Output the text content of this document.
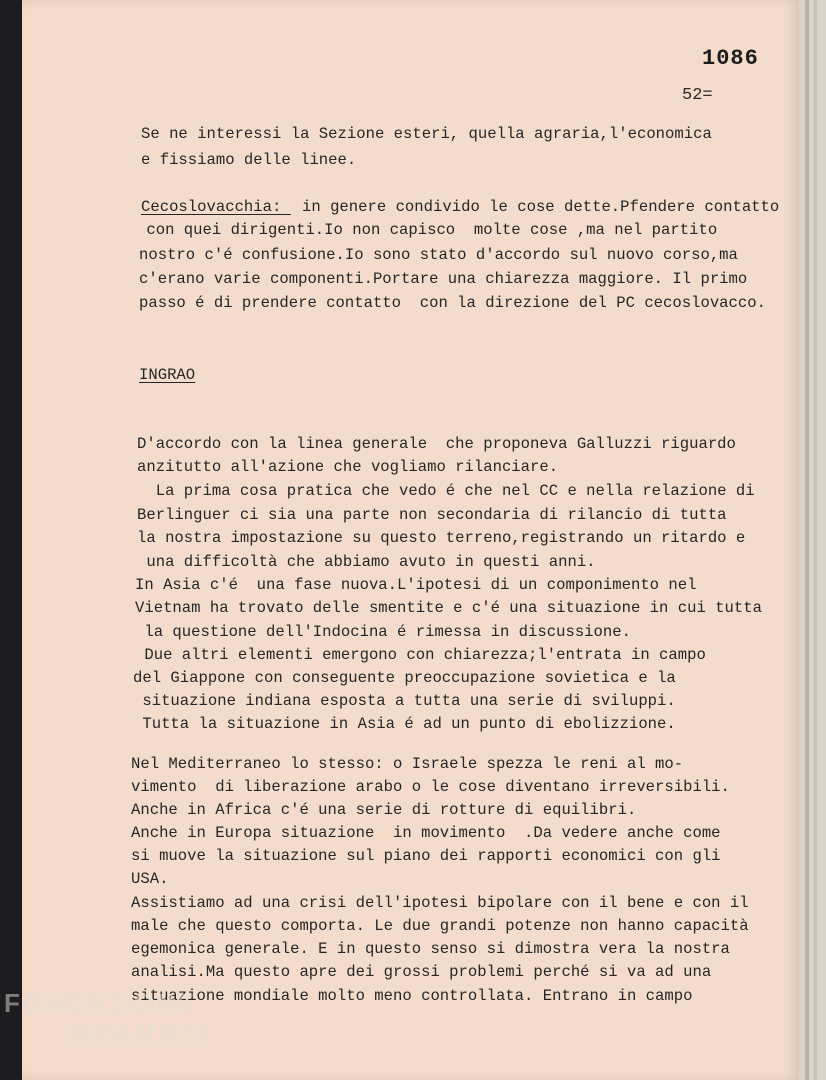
1086
52=
Se ne interessi la Sezione esteri, quella agraria,l'economica
e fissiamo delle linee.
Cecoslovacchia: in genere condivido le cose dette.Pfendere contatto
con quei dirigenti.Io non capisco  molte cose ,ma nel partito
nostro c'é confusione.Io sono stato d'accordo sul nuovo corso,ma
c'erano varie componenti.Portare una chiarezza maggiore. Il primo
passo é di prendere contatto  con la direzione del PC cecoslovacco.
INGRAO
D'accordo con la linea generale  che proponeva Galluzzi riguardo
anzitutto all'azione che vogliamo rilanciare.
La prima cosa pratica che vedo é che nel CC e nella relazione di
Berlinguer ci sia una parte non secondaria di rilancio di tutta
la nostra impostazione su questo terreno,registrando un ritardo e
una difficoltà che abbiamo avuto in questi anni.
In Asia c'é  una fase nuova.L'ipotesi di un componimento nel
Vietnam ha trovato delle smentite e c'é una situazione in cui tutta
la questione dell'Indocina é rimessa in discussione.
Due altri elementi emergono con chiarezza;l'entrata in campo
del Giappone con conseguente preoccupazione sovietica e la
situazione indiana esposta a tutta una serie di sviluppi.
Tutta la situazione in Asia é ad un punto di ebolizzione.
Nel Mediterraneo lo stesso: o Israele spezza le reni al mo-
vimento  di liberazione arabo o le cose diventano irreversibili.
Anche in Africa c'é una serie di rotture di equilibri.
Anche in Europa situazione  in movimento  .Da vedere anche come
si muove la situazione sul piano dei rapporti economici con gli
USA.
Assistiamo ad una crisi dell'ipotesi bipolare con il bene e con il
male che questo comporta. Le due grandi potenze non hanno capacità
egemonica generale. E in questo senso si dimostra vera la nostra
analisi.Ma questo apre dei grossi problemi perché si va ad una
situazione mondiale molto meno controllata. Entrano in campo
FONDAZIONE
GRAMSCI
